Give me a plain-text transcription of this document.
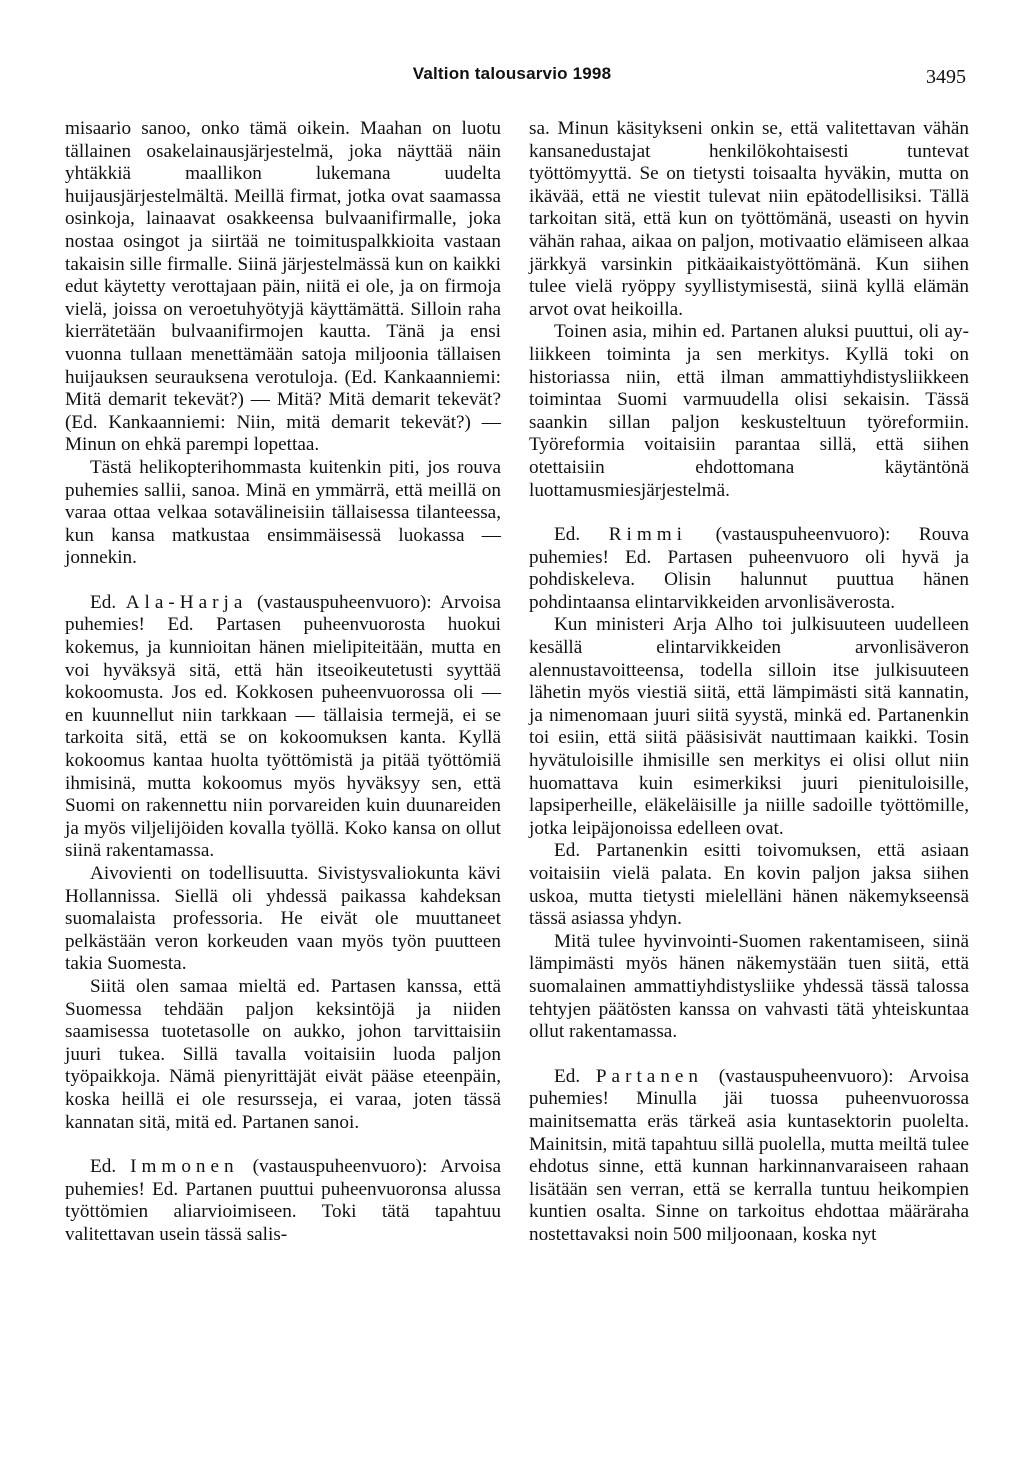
Valtion talousarvio 1998	3495

misaario sanoo, onko tämä oikein. Maahan on luotu tällainen osakelainausjärjestelmä, joka näyttää näin yhtäkkiä maallikon lukemana uudelta huijausjärjestelmältä. Meillä firmat, jotka ovat saamassa osinkoja, lainaavat osakkeensa bulvaanifirmalle, joka nostaa osingot ja siirtää ne toimituspalkkioita vastaan takaisin sille firmalle. Siinä järjestelmässä kun on kaikki edut käytetty verottajaan päin, niitä ei ole, ja on firmoja vielä, joissa on veroetuhyötyjä käyttämättä. Silloin raha kierrätetään bulvaanifirmojen kautta. Tänä ja ensi vuonna tullaan menettämään satoja miljoonia tällaisen huijauksen seurauksena verotuloja. (Ed. Kankaanniemi: Mitä demarit tekevät?) — Mitä? Mitä demarit tekevät? (Ed. Kankaanniemi: Niin, mitä demarit tekevät?) — Minun on ehkä parempi lopettaa.

Tästä helikopterihommasta kuitenkin piti, jos rouva puhemies sallii, sanoa. Minä en ymmärrä, että meillä on varaa ottaa velkaa sotavälineisiin tällaisessa tilanteessa, kun kansa matkustaa ensimmäisessä luokassa — jonnekin.

Ed. Ala-Harja (vastauspuheenvuoro): Arvoisa puhemies! Ed. Partasen puheenvuorosta huokui kokemus, ja kunnioitan hänen mielipiteitään, mutta en voi hyväksyä sitä, että hän itseoikeutetusti syyttää kokoomusta. Jos ed. Kokkosen puheenvuorossa oli — en kuunnellut niin tarkkaan — tällaisia termejä, ei se tarkoita sitä, että se on kokoomuksen kanta. Kyllä kokoomus kantaa huolta työttömistä ja pitää työttömiä ihmisinä, mutta kokoomus myös hyväksyy sen, että Suomi on rakennettu niin porvareiden kuin duunareiden ja myös viljelijöiden kovalla työllä. Koko kansa on ollut siinä rakentamassa.

Aivovienti on todellisuutta. Sivistysvaliokunta kävi Hollannissa. Siellä oli yhdessä paikassa kahdeksan suomalaista professoria. He eivät ole muuttaneet pelkästään veron korkeuden vaan myös työn puutteen takia Suomesta.

Siitä olen samaa mieltä ed. Partasen kanssa, että Suomessa tehdään paljon keksintöjä ja niiden saamisessa tuotetasolle on aukko, johon tarvittaisiin juuri tukea. Sillä tavalla voitaisiin luoda paljon työpaikkoja. Nämä pienyrittäjät eivät pääse eteenpäin, koska heillä ei ole resursseja, ei varaa, joten tässä kannatan sitä, mitä ed. Partanen sanoi.

Ed. Immonen (vastauspuheenvuoro): Arvoisa puhemies! Ed. Partanen puuttui puheenvuoronsa alussa työttömien aliarvioimiseen. Toki tätä tapahtuu valitettavan usein tässä salis-

sa. Minun käsitykseni onkin se, että valitettavan vähän kansanedustajat henkilökohtaisesti tuntevat työttömyyttä. Se on tietysti toisaalta hyväkin, mutta on ikävää, että ne viestit tulevat niin epätodellisiksi. Tällä tarkoitan sitä, että kun on työttömänä, useasti on hyvin vähän rahaa, aikaa on paljon, motivaatio elämiseen alkaa järkkyä varsinkin pitkäaikaistyöttömänä. Kun siihen tulee vielä ryöppy syyllistymisestä, siinä kyllä elämän arvot ovat heikoilla.

Toinen asia, mihin ed. Partanen aluksi puuttui, oli ay-liikkeen toiminta ja sen merkitys. Kyllä toki on historiassa niin, että ilman ammattiyhdistysliikkeen toimintaa Suomi varmuudella olisi sekaisin. Tässä saankin sillan paljon keskusteltuun työreformiin. Työreformia voitaisiin parantaa sillä, että siihen otettaisiin ehdottomana käytäntönä luottamusmiesjärjestelmä.

Ed. Rimmi (vastauspuheenvuoro): Rouva puhemies! Ed. Partasen puheenvuoro oli hyvä ja pohdiskeleva. Olisin halunnut puuttua hänen pohdintaansa elintarvikkeiden arvonlisäverosta.

Kun ministeri Arja Alho toi julkisuuteen uudelleen kesällä elintarvikkeiden arvonlisäveron alennustavoitteensa, todella silloin itse julkisuuteen lähetin myös viestiä siitä, että lämpimästi sitä kannatin, ja nimenomaan juuri siitä syystä, minkä ed. Partanenkin toi esiin, että siitä pääsisivät nauttimaan kaikki. Tosin hyvätuloisille ihmisille sen merkitys ei olisi ollut niin huomattava kuin esimerkiksi juuri pienituloisille, lapsiperheille, eläkeläisille ja niille sadoille työttömille, jotka leipäjonoissa edelleen ovat.

Ed. Partanenkin esitti toivomuksen, että asiaan voitaisiin vielä palata. En kovin paljon jaksa siihen uskoa, mutta tietysti mielelläni hänen näkemykseensä tässä asiassa yhdyn.

Mitä tulee hyvinvointi-Suomen rakentamiseen, siinä lämpimästi myös hänen näkemystään tuen siitä, että suomalainen ammattiyhdistysliike yhdessä tässä talossa tehtyjen päätösten kanssa on vahvasti tätä yhteiskuntaa ollut rakentamassa.

Ed. Partanen (vastauspuheenvuoro): Arvoisa puhemies! Minulla jäi tuossa puheenvuorossa mainitsematta eräs tärkeä asia kuntasektorin puolelta. Mainitsin, mitä tapahtuu sillä puolella, mutta meiltä tulee ehdotus sinne, että kunnan harkinnanvaraiseen rahaan lisätään sen verran, että se kerralla tuntuu heikompien kuntien osalta. Sinne on tarkoitus ehdottaa määräraha nostettavaksi noin 500 miljoonaan, koska nyt
